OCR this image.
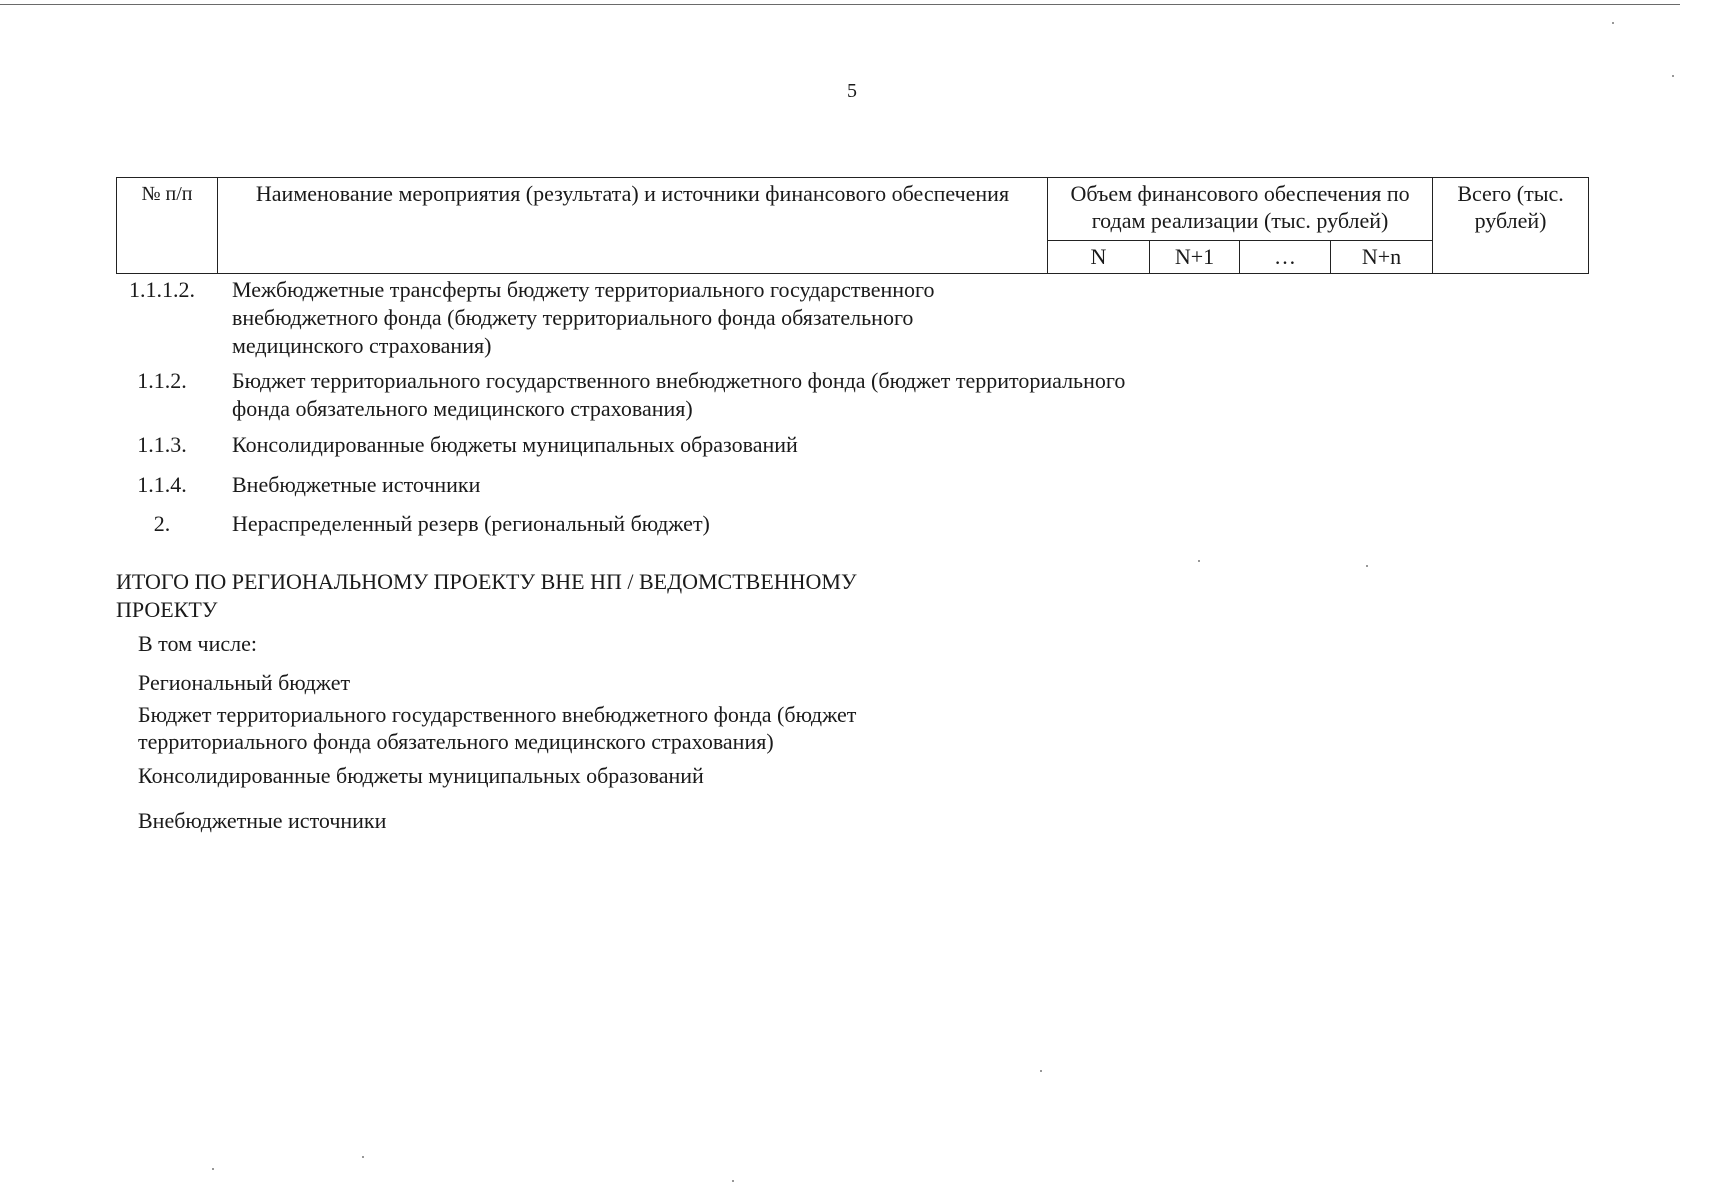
5
№ п/п	Наименование мероприятия (результата) и источники финансового обеспечения	Объем финансового обеспечения по годам реализации (тыс. рублей)				Всего (тыс. рублей)
		N	N+1	…	N+n	
1.1.1.2.	Межбюджетные трансферты бюджету территориального государственного внебюджетного фонда (бюджету территориального фонда обязательного медицинского страхования)
1.1.2.	Бюджет территориального государственного внебюджетного фонда (бюджет территориального фонда обязательного медицинского страхования)
1.1.3.	Консолидированные бюджеты муниципальных образований
1.1.4.	Внебюджетные источники
2.	Нераспределенный резерв (региональный бюджет)
ИТОГО ПО РЕГИОНАЛЬНОМУ ПРОЕКТУ ВНЕ НП / ВЕДОМСТВЕННОМУ ПРОЕКТУ
В том числе:
Региональный бюджет
Бюджет территориального государственного внебюджетного фонда (бюджет территориального фонда обязательного медицинского страхования)
Консолидированные бюджеты муниципальных образований
Внебюджетные источники
